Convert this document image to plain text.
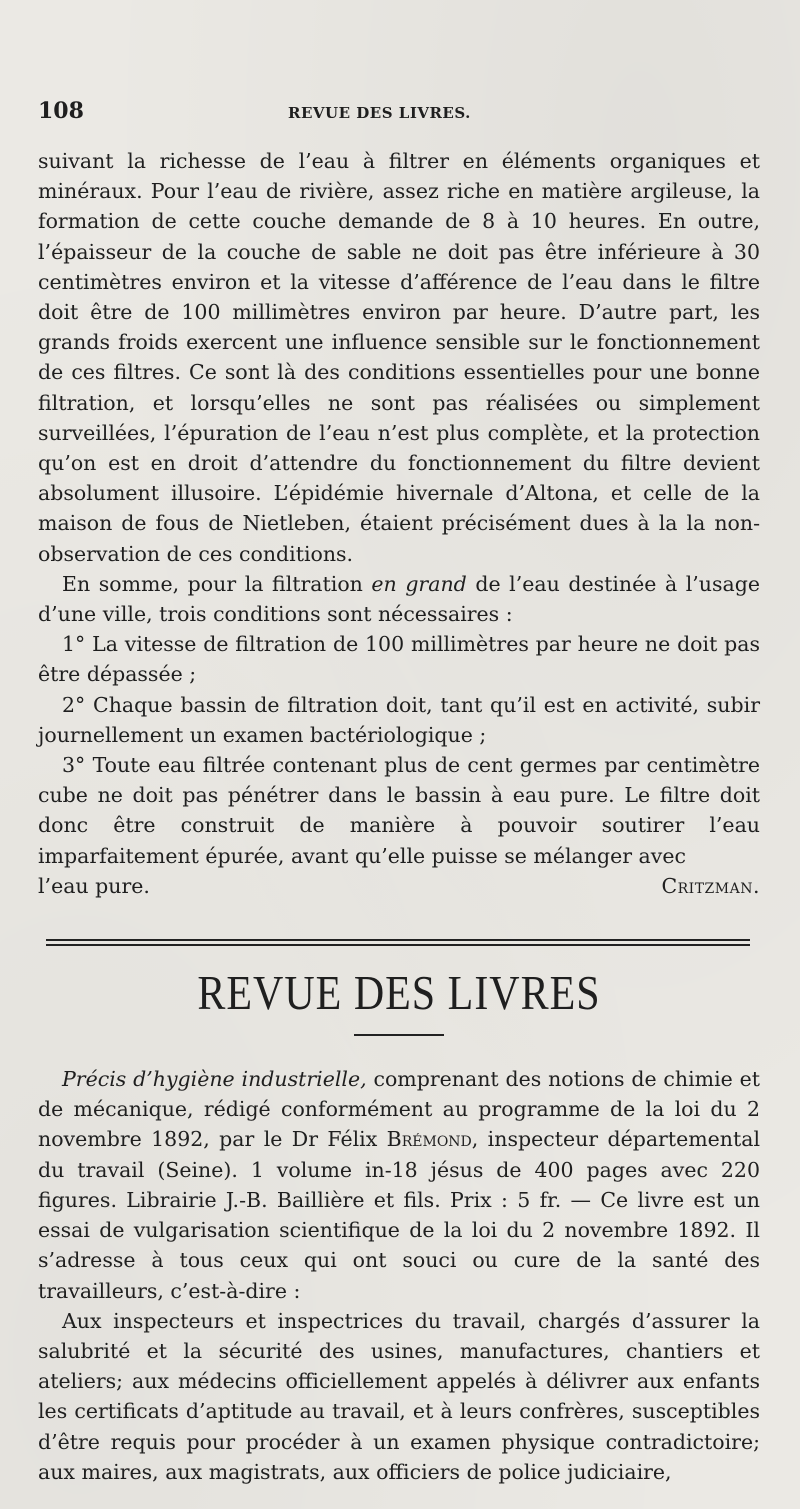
108	REVUE DES LIVRES.

suivant la richesse de l’eau à filtrer en éléments organiques et minéraux. Pour l’eau de rivière, assez riche en matière argileuse, la formation de cette couche demande de 8 à 10 heures. En outre, l’épaisseur de la couche de sable ne doit pas être inférieure à 30 centimètres environ et la vitesse d’afférence de l’eau dans le filtre doit être de 100 millimètres environ par heure. D’autre part, les grands froids exercent une influence sensible sur le fonctionnement de ces filtres. Ce sont là des conditions essentielles pour une bonne filtration, et lorsqu’elles ne sont pas réalisées ou simplement surveillées, l’épuration de l’eau n’est plus complète, et la protection qu’on est en droit d’attendre du fonctionnement du filtre devient absolument illusoire. L’épidémie hivernale d’Altona, et celle de la maison de fous de Nietleben, étaient précisément dues à la la non-observation de ces conditions.

En somme, pour la filtration en grand de l’eau destinée à l’usage d’une ville, trois conditions sont nécessaires :

1° La vitesse de filtration de 100 millimètres par heure ne doit pas être dépassée ;

2° Chaque bassin de filtration doit, tant qu’il est en activité, subir journellement un examen bactériologique ;

3° Toute eau filtrée contenant plus de cent germes par centimètre cube ne doit pas pénétrer dans le bassin à eau pure. Le filtre doit donc être construit de manière à pouvoir soutirer l’eau imparfaitement épurée, avant qu’elle puisse se mélanger avec

l’eau pure.	Critzman.

REVUE DES LIVRES

Précis d’hygiène industrielle, comprenant des notions de chimie et de mécanique, rédigé conformément au programme de la loi du 2 novembre 1892, par le Dr Félix Brémond, inspecteur départemental du travail (Seine). 1 volume in-18 jésus de 400 pages avec 220 figures. Librairie J.-B. Baillière et fils. Prix : 5 fr. — Ce livre est un essai de vulgarisation scientifique de la loi du 2 novembre 1892. Il s’adresse à tous ceux qui ont souci ou cure de la santé des travailleurs, c’est-à-dire :

Aux inspecteurs et inspectrices du travail, chargés d’assurer la salubrité et la sécurité des usines, manufactures, chantiers et ateliers; aux médecins officiellement appelés à délivrer aux enfants les certificats d’aptitude au travail, et à leurs confrères, susceptibles d’être requis pour procéder à un examen physique contradictoire; aux maires, aux magistrats, aux officiers de police judiciaire,
